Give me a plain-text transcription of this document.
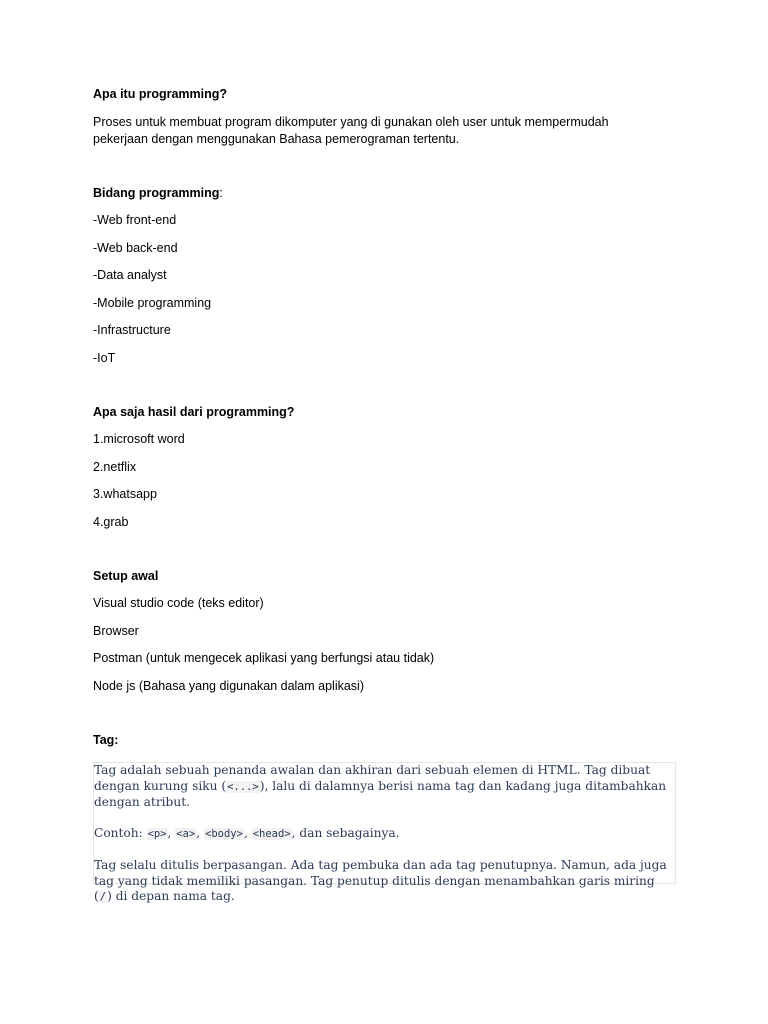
Apa itu programming?

Proses untuk membuat program dikomputer yang di gunakan oleh user untuk mempermudah

pekerjaan dengan menggunakan Bahasa pemerograman tertentu.

Bidang programming:

-Web front-end

-Web back-end

-Data analyst

-Mobile programming

-Infrastructure

-IoT

Apa saja hasil dari programming?

1.microsoft word

2.netflix

3.whatsapp

4.grab

Setup awal

Visual studio code (teks editor)

Browser

Postman (untuk mengecek aplikasi yang berfungsi atau tidak)

Node js (Bahasa yang digunakan dalam aplikasi)

Tag:

Tag adalah sebuah penanda awalan dan akhiran dari sebuah elemen di HTML. Tag dibuat dengan kurung siku (<...>), lalu di dalamnya berisi nama tag dan kadang juga ditambahkan dengan atribut.

Contoh: <p>, <a>, <body>, <head>, dan sebagainya.

Tag selalu ditulis berpasangan. Ada tag pembuka dan ada tag penutupnya. Namun, ada juga tag yang tidak memiliki pasangan. Tag penutup ditulis dengan menambahkan garis miring (/) di depan nama tag.
